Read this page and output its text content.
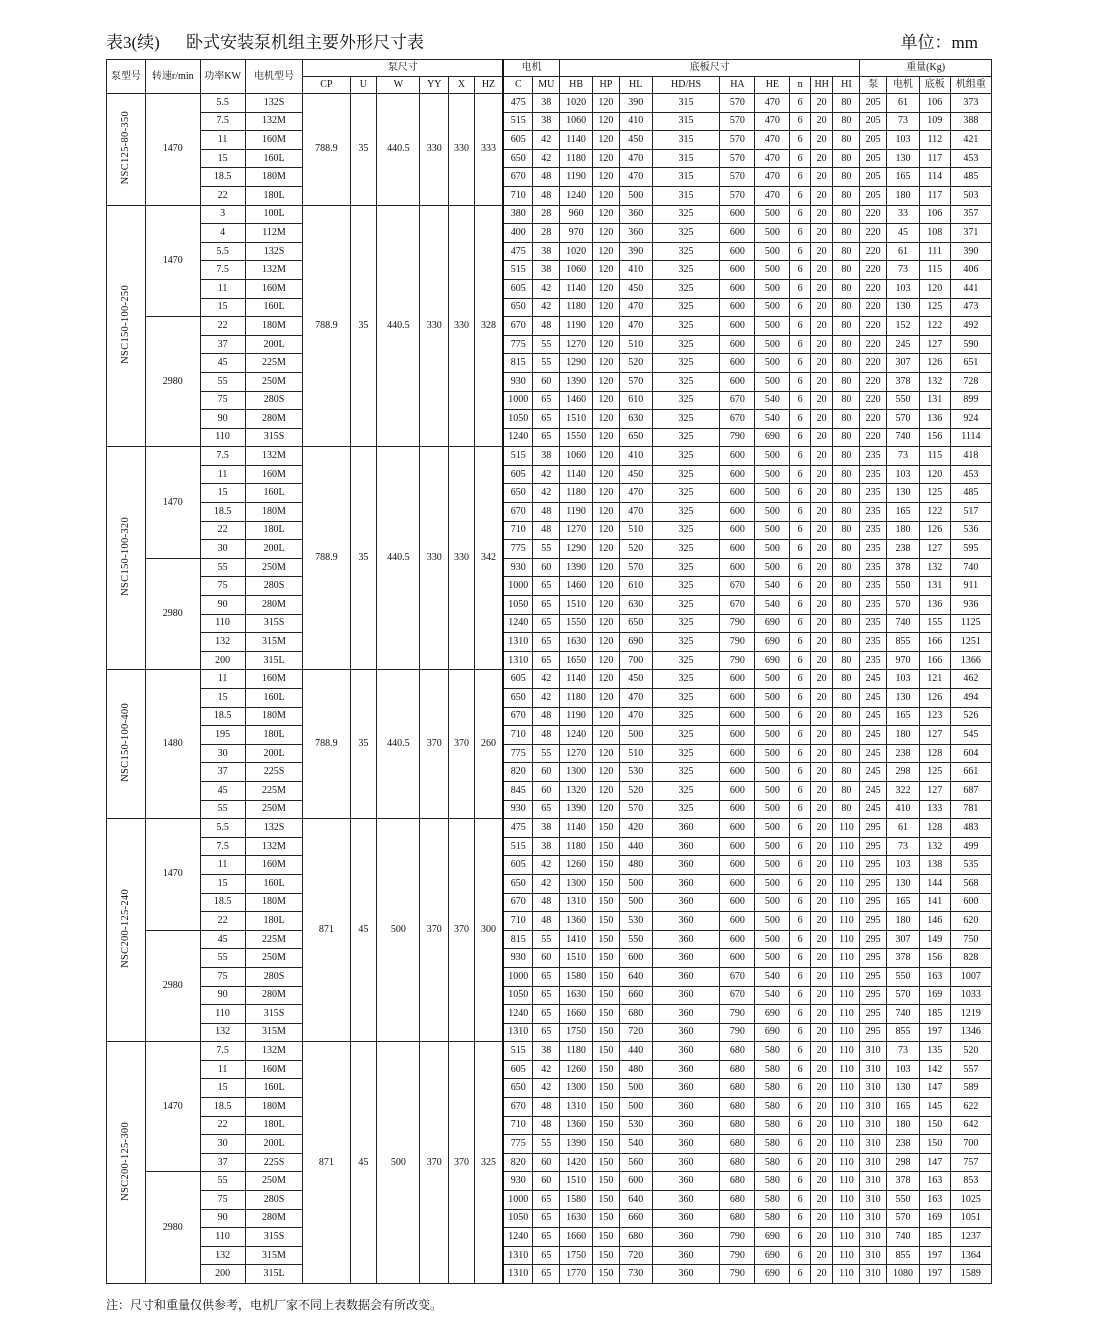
表3(续) 卧式安装泵机组主要外形尺寸表	单位：mm
泵型号	转速r/min	功率KW	电机型号	泵尺寸						电机		底板尺寸									重量(Kg)			
				CP	U	W	YY	X	HZ	C	MU	HB	HP	HL	HD/HS	HA	HE	n	HH	HI	泵	电机	底板	机组重
NSC125-80-350	1470	5.5	132S	788.9	35	440.5	330	330	333	475	38	1020	120	390	315	570	470	6	20	80	205	61	106	373
		7.5	132M							515	38	1060	120	410	315	570	470	6	20	80	205	73	109	388
		11	160M							605	42	1140	120	450	315	570	470	6	20	80	205	103	112	421
		15	160L							650	42	1180	120	470	315	570	470	6	20	80	205	130	117	453
		18.5	180M							670	48	1190	120	470	315	570	470	6	20	80	205	165	114	485
		22	180L							710	48	1240	120	500	315	570	470	6	20	80	205	180	117	503
NSC150-100-250	1470	3	100L	788.9	35	440.5	330	330	328	380	28	960	120	360	325	600	500	6	20	80	220	33	106	357
		4	112M							400	28	970	120	360	325	600	500	6	20	80	220	45	108	371
		5.5	132S							475	38	1020	120	390	325	600	500	6	20	80	220	61	111	390
		7.5	132M							515	38	1060	120	410	325	600	500	6	20	80	220	73	115	406
		11	160M							605	42	1140	120	450	325	600	500	6	20	80	220	103	120	441
		15	160L							650	42	1180	120	470	325	600	500	6	20	80	220	130	125	473
	2980	22	180M							670	48	1190	120	470	325	600	500	6	20	80	220	152	122	492
		37	200L							775	55	1270	120	510	325	600	500	6	20	80	220	245	127	590
		45	225M							815	55	1290	120	520	325	600	500	6	20	80	220	307	126	651
		55	250M							930	60	1390	120	570	325	600	500	6	20	80	220	378	132	728
		75	280S							1000	65	1460	120	610	325	670	540	6	20	80	220	550	131	899
		90	280M							1050	65	1510	120	630	325	670	540	6	20	80	220	570	136	924
		110	315S							1240	65	1550	120	650	325	790	690	6	20	80	220	740	156	1114
NSC150-100-320	1470	7.5	132M	788.9	35	440.5	330	330	342	515	38	1060	120	410	325	600	500	6	20	80	235	73	115	418
		11	160M							605	42	1140	120	450	325	600	500	6	20	80	235	103	120	453
		15	160L							650	42	1180	120	470	325	600	500	6	20	80	235	130	125	485
		18.5	180M							670	48	1190	120	470	325	600	500	6	20	80	235	165	122	517
		22	180L							710	48	1270	120	510	325	600	500	6	20	80	235	180	126	536
		30	200L							775	55	1290	120	520	325	600	500	6	20	80	235	238	127	595
	2980	55	250M							930	60	1390	120	570	325	600	500	6	20	80	235	378	132	740
		75	280S							1000	65	1460	120	610	325	670	540	6	20	80	235	550	131	911
		90	280M							1050	65	1510	120	630	325	670	540	6	20	80	235	570	136	936
		110	315S							1240	65	1550	120	650	325	790	690	6	20	80	235	740	155	1125
		132	315M							1310	65	1630	120	690	325	790	690	6	20	80	235	855	166	1251
		200	315L							1310	65	1650	120	700	325	790	690	6	20	80	235	970	166	1366
NSC150-100-400	1480	11	160M	788.9	35	440.5	370	370	260	605	42	1140	120	450	325	600	500	6	20	80	245	103	121	462
		15	160L							650	42	1180	120	470	325	600	500	6	20	80	245	130	126	494
		18.5	180M							670	48	1190	120	470	325	600	500	6	20	80	245	165	123	526
		195	180L							710	48	1240	120	500	325	600	500	6	20	80	245	180	127	545
		30	200L							775	55	1270	120	510	325	600	500	6	20	80	245	238	128	604
		37	225S							820	60	1300	120	530	325	600	500	6	20	80	245	298	125	661
		45	225M							845	60	1320	120	520	325	600	500	6	20	80	245	322	127	687
		55	250M							930	65	1390	120	570	325	600	500	6	20	80	245	410	133	781
NSC200-125-240	1470	5.5	132S	871	45	500	370	370	300	475	38	1140	150	420	360	600	500	6	20	110	295	61	128	483
		7.5	132M							515	38	1180	150	440	360	600	500	6	20	110	295	73	132	499
		11	160M							605	42	1260	150	480	360	600	500	6	20	110	295	103	138	535
		15	160L							650	42	1300	150	500	360	600	500	6	20	110	295	130	144	568
		18.5	180M							670	48	1310	150	500	360	600	500	6	20	110	295	165	141	600
		22	180L							710	48	1360	150	530	360	600	500	6	20	110	295	180	146	620
	2980	45	225M							815	55	1410	150	550	360	600	500	6	20	110	295	307	149	750
		55	250M							930	60	1510	150	600	360	600	500	6	20	110	295	378	156	828
		75	280S							1000	65	1580	150	640	360	670	540	6	20	110	295	550	163	1007
		90	280M							1050	65	1630	150	660	360	670	540	6	20	110	295	570	169	1033
		110	315S							1240	65	1660	150	680	360	790	690	6	20	110	295	740	185	1219
		132	315M							1310	65	1750	150	720	360	790	690	6	20	110	295	855	197	1346
NSC200-125-300	1470	7.5	132M	871	45	500	370	370	325	515	38	1180	150	440	360	680	580	6	20	110	310	73	135	520
		11	160M							605	42	1260	150	480	360	680	580	6	20	110	310	103	142	557
		15	160L							650	42	1300	150	500	360	680	580	6	20	110	310	130	147	589
		18.5	180M							670	48	1310	150	500	360	680	580	6	20	110	310	165	145	622
		22	180L							710	48	1360	150	530	360	680	580	6	20	110	310	180	150	642
		30	200L							775	55	1390	150	540	360	680	580	6	20	110	310	238	150	700
		37	225S							820	60	1420	150	560	360	680	580	6	20	110	310	298	147	757
	2980	55	250M							930	60	1510	150	600	360	680	580	6	20	110	310	378	163	853
		75	280S							1000	65	1580	150	640	360	680	580	6	20	110	310	550	163	1025
		90	280M							1050	65	1630	150	660	360	680	580	6	20	110	310	570	169	1051
		110	315S							1240	65	1660	150	680	360	790	690	6	20	110	310	740	185	1237
		132	315M							1310	65	1750	150	720	360	790	690	6	20	110	310	855	197	1364
		200	315L							1310	65	1770	150	730	360	790	690	6	20	110	310	1080	197	1589
注：尺寸和重量仅供参考，电机厂家不同上表数据会有所改变。
